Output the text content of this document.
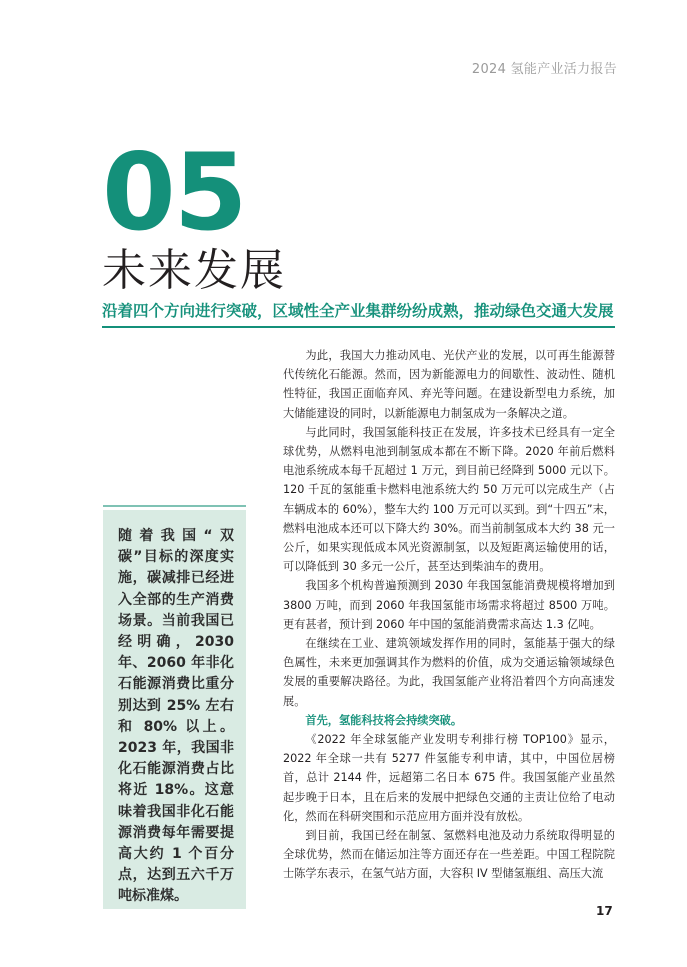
2024 氢能产业活力报告
05
未来发展
沿着四个方向进行突破，区域性全产业集群纷纷成熟，推动绿色交通大发展

随着我国“双碳”目标的深度实施，碳减排已经进入全部的生产消费场景。当前我国已经明确，2030 年、2060 年非化石能源消费比重分别达到 25% 左右和 80% 以上。2023 年，我国非化石能源消费占比将近 18%。这意味着我国非化石能源消费每年需要提高大约 1 个百分点，达到五六千万吨标准煤。

为此，我国大力推动风电、光伏产业的发展，以可再生能源替代传统化石能源。然而，因为新能源电力的间歇性、波动性、随机性特征，我国正面临弃风、弃光等问题。在建设新型电力系统，加大储能建设的同时，以新能源电力制氢成为一条解决之道。

与此同时，我国氢能科技正在发展，许多技术已经具有一定全球优势，从燃料电池到制氢成本都在不断下降。2020 年前后燃料电池系统成本每千瓦超过 1 万元，到目前已经降到 5000 元以下。120 千瓦的氢能重卡燃料电池系统大约 50 万元可以完成生产（占车辆成本的 60%），整车大约 100 万元可以买到。到“十四五”末，燃料电池成本还可以下降大约 30%。而当前制氢成本大约 38 元一公斤，如果实现低成本风光资源制氢，以及短距离运输使用的话，可以降低到 30 多元一公斤，甚至达到柴油车的费用。

我国多个机构普遍预测到 2030 年我国氢能消费规模将增加到 3800 万吨，而到 2060 年我国氢能市场需求将超过 8500 万吨。更有甚者，预计到 2060 年中国的氢能消费需求高达 1.3 亿吨。

在继续在工业、建筑领域发挥作用的同时，氢能基于强大的绿色属性，未来更加强调其作为燃料的价值，成为交通运输领域绿色发展的重要解决路径。为此，我国氢能产业将沿着四个方向高速发展。

首先，氢能科技将会持续突破。

《2022 年全球氢能产业发明专利排行榜 TOP100》显示，2022 年全球一共有 5277 件氢能专利申请，其中，中国位居榜首，总计 2144 件，远超第二名日本 675 件。我国氢能产业虽然起步晚于日本，且在后来的发展中把绿色交通的主责让位给了电动化，然而在科研突围和示范应用方面并没有放松。

到目前，我国已经在制氢、氢燃料电池及动力系统取得明显的全球优势，然而在储运加注等方面还存在一些差距。中国工程院院士陈学东表示，在氢气站方面，大容积 IV 型储氢瓶组、高压大流

17
